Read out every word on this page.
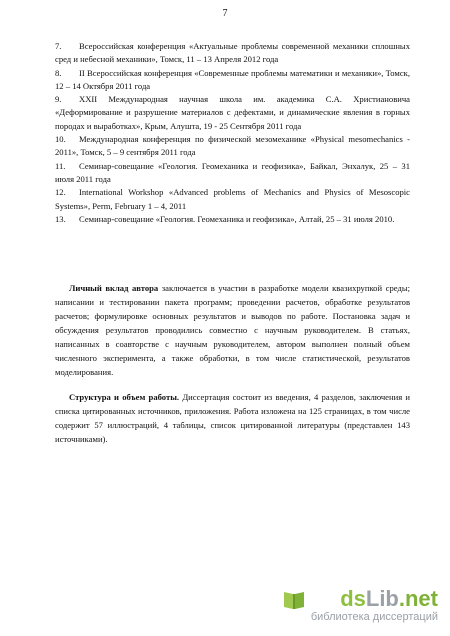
7

7. Всероссийская конференция «Актуальные проблемы современной механики сплошных сред и небесной механики», Томск, 11 – 13 Апреля 2012 года

8. II Всероссийская конференция «Современные проблемы математики и механики», Томск, 12 – 14 Октября 2011 года

9. XXII Международная научная школа им. академика С.А. Христиановича «Деформирование и разрушение материалов с дефектами, и динамические явления в горных породах и выработках», Крым, Алушта, 19 - 25 Сентября 2011 года

10. Международная конференция по физической мезомеханике «Physical mesomechanics - 2011», Томск, 5 – 9 сентября 2011 года

11. Семинар-совещание «Геология. Геомеханика и геофизика», Байкал, Энхалук, 25 – 31 июля 2011 года

12. International Workshop «Advanced problems of Mechanics and Physics of Mesoscopic Systems», Perm, February 1 – 4, 2011

13. Семинар-совещание «Геология. Геомеханика и геофизика», Алтай, 25 – 31 июля 2010.

Личный вклад автора заключается в участии в разработке модели квазихрупкой среды; написании и тестировании пакета программ; проведении расчетов, обработке результатов расчетов; формулировке основных результатов и выводов по работе. Постановка задач и обсуждения результатов проводились совместно с научным руководителем. В статьях, написанных в соавторстве с научным руководителем, автором выполнен полный объем численного эксперимента, а также обработки, в том числе статистической, результатов моделирования.

Структура и объем работы. Диссертация состоит из введения, 4 разделов, заключения и списка цитированных источников, приложения. Работа изложена на 125 страницах, в том числе содержит 57 иллюстраций, 4 таблицы, список цитированной литературы (представлен 143 источниками).

dsLib.net
библиотека диссертаций
